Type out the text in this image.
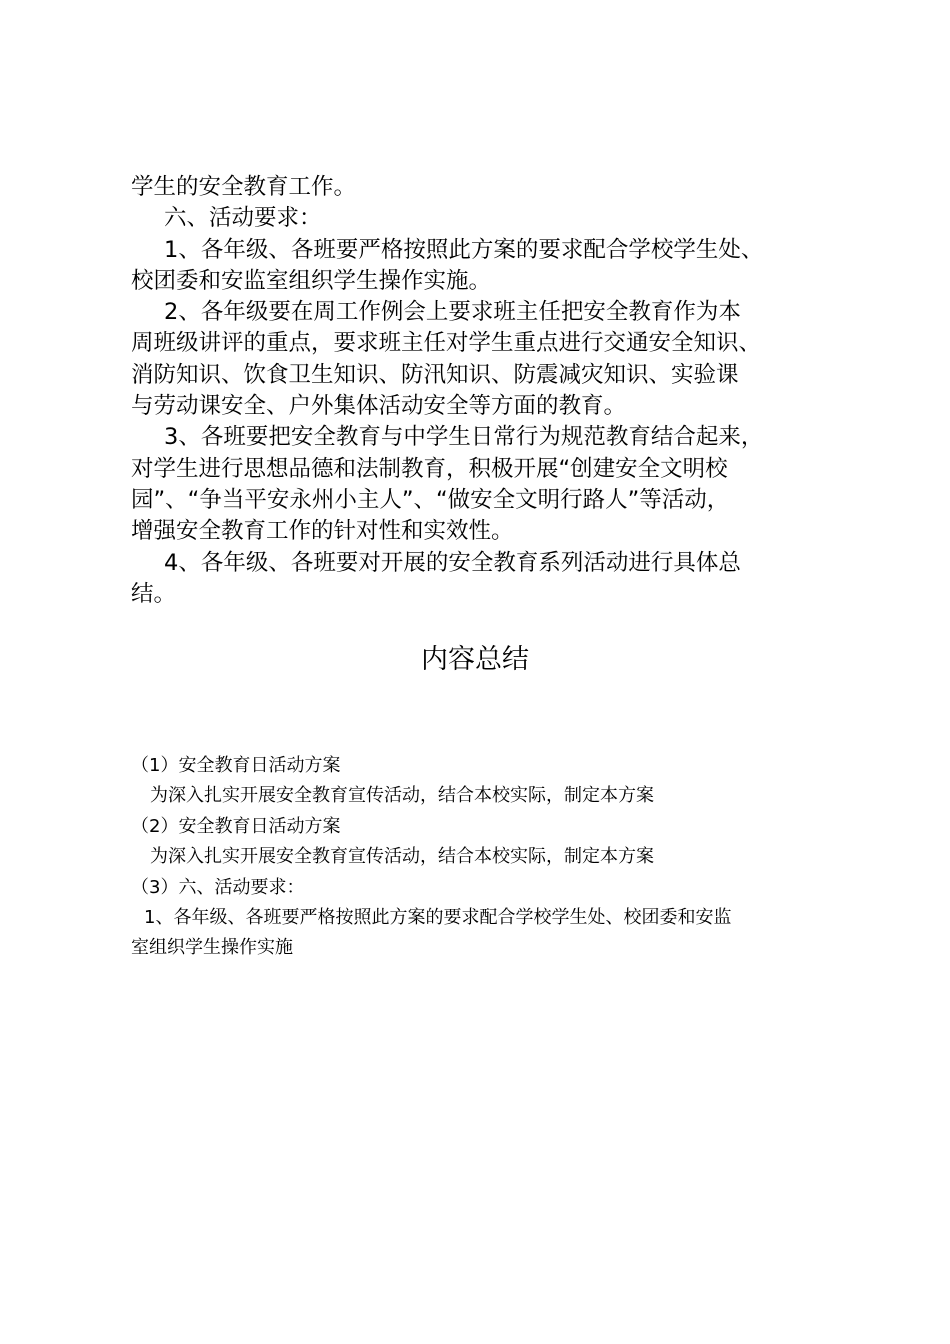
学生的安全教育工作。

六、活动要求：

1、各年级、各班要严格按照此方案的要求配合学校学生处、

校团委和安监室组织学生操作实施。

2、各年级要在周工作例会上要求班主任把安全教育作为本

周班级讲评的重点，要求班主任对学生重点进行交通安全知识、

消防知识、饮食卫生知识、防汛知识、防震减灾知识、实验课

与劳动课安全、户外集体活动安全等方面的教育。

3、各班要把安全教育与中学生日常行为规范教育结合起来，

对学生进行思想品德和法制教育，积极开展“创建安全文明校

园”、“争当平安永州小主人”、“做安全文明行路人”等活动，

增强安全教育工作的针对性和实效性。

4、各年级、各班要对开展的安全教育系列活动进行具体总

结。

内容总结

（1）安全教育日活动方案

为深入扎实开展安全教育宣传活动，结合本校实际，制定本方案

（2）安全教育日活动方案

为深入扎实开展安全教育宣传活动，结合本校实际，制定本方案

（3）六、活动要求：

1、各年级、各班要严格按照此方案的要求配合学校学生处、校团委和安监

室组织学生操作实施
